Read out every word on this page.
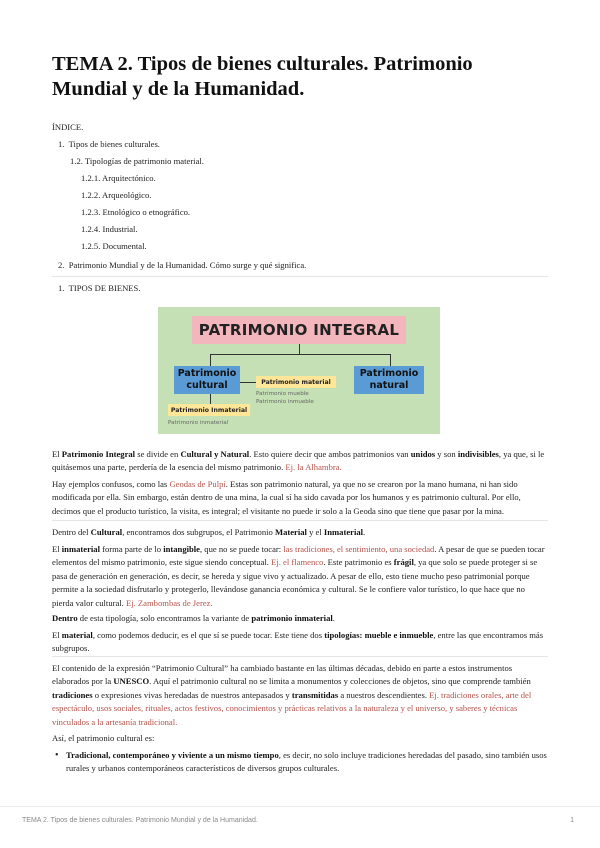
TEMA 2. Tipos de bienes culturales. Patrimonio Mundial y de la Humanidad.
ÍNDICE.
1. Tipos de bienes culturales.
1.2. Tipologías de patrimonio material.
1.2.1. Arquitectónico.
1.2.2. Arqueológico.
1.2.3. Etnológico o etnográfico.
1.2.4. Industrial.
1.2.5. Documental.
2. Patrimonio Mundial y de la Humanidad. Cómo surge y qué significa.
1. TIPOS DE BIENES.
PATRIMONIO INTEGRAL
Patrimonio cultural
Patrimonio natural
Patrimonio material
Patrimonio mueble
Patrimonio inmueble
Patrimonio Inmaterial
Patrimonio inmaterial

El Patrimonio Integral se divide en Cultural y Natural. Esto quiere decir que ambos patrimonios van unidos y son indivisibles, ya que, si le quitásemos una parte, perdería de la esencia del mismo patrimonio. Ej. la Alhambra.

Hay ejemplos confusos, como las Geodas de Pulpí. Estas son patrimonio natural, ya que no se crearon por la mano humana, ni han sido modificada por ella. Sin embargo, están dentro de una mina, la cual sí ha sido cavada por los humanos y es patrimonio cultural. Por ello, decimos que el producto turístico, la visita, es integral; el visitante no puede ir solo a la Geoda sino que tiene que pasar por la mina.

Dentro del Cultural, encontramos dos subgrupos, el Patrimonio Material y el Inmaterial.

El inmaterial forma parte de lo intangible, que no se puede tocar: las tradiciones, el sentimiento, una sociedad. A pesar de que se pueden tocar elementos del mismo patrimonio, este sigue siendo conceptual. Ej. el flamenco. Este patrimonio es frágil, ya que solo se puede proteger si se pasa de generación en generación, es decir, se hereda y sigue vivo y actualizado. A pesar de ello, esto tiene mucho peso patrimonial porque permite a la sociedad disfrutarlo y protegerlo, llevándose ganancia económica y cultural. Se le confiere valor turístico, lo que hace que no pierda valor cultural. Ej. Zambombas de Jerez.

Dentro de esta tipología, solo encontramos la variante de patrimonio inmaterial.

El material, como podemos deducir, es el que sí se puede tocar. Este tiene dos tipologías: mueble e inmueble, entre las que encontramos más subgrupos.

El contenido de la expresión “Patrimonio Cultural” ha cambiado bastante en las últimas décadas, debido en parte a estos instrumentos elaborados por la UNESCO. Aquí el patrimonio cultural no se limita a monumentos y colecciones de objetos, sino que comprende también tradiciones o expresiones vivas heredadas de nuestros antepasados y transmitidas a nuestros descendientes. Ej. tradiciones orales, arte del espectáculo, usos sociales, rituales, actos festivos, conocimientos y prácticas relativos a la naturaleza y el universo, y saberes y técnicas vinculados a la artesanía tradicional.

Así, el patrimonio cultural es:

• Tradicional, contemporáneo y viviente a un mismo tiempo, es decir, no solo incluye tradiciones heredadas del pasado, sino también usos rurales y urbanos contemporáneos característicos de diversos grupos culturales.
TEMA 2. Tipos de bienes culturales. Patrimonio Mundial y de la Humanidad.	1
